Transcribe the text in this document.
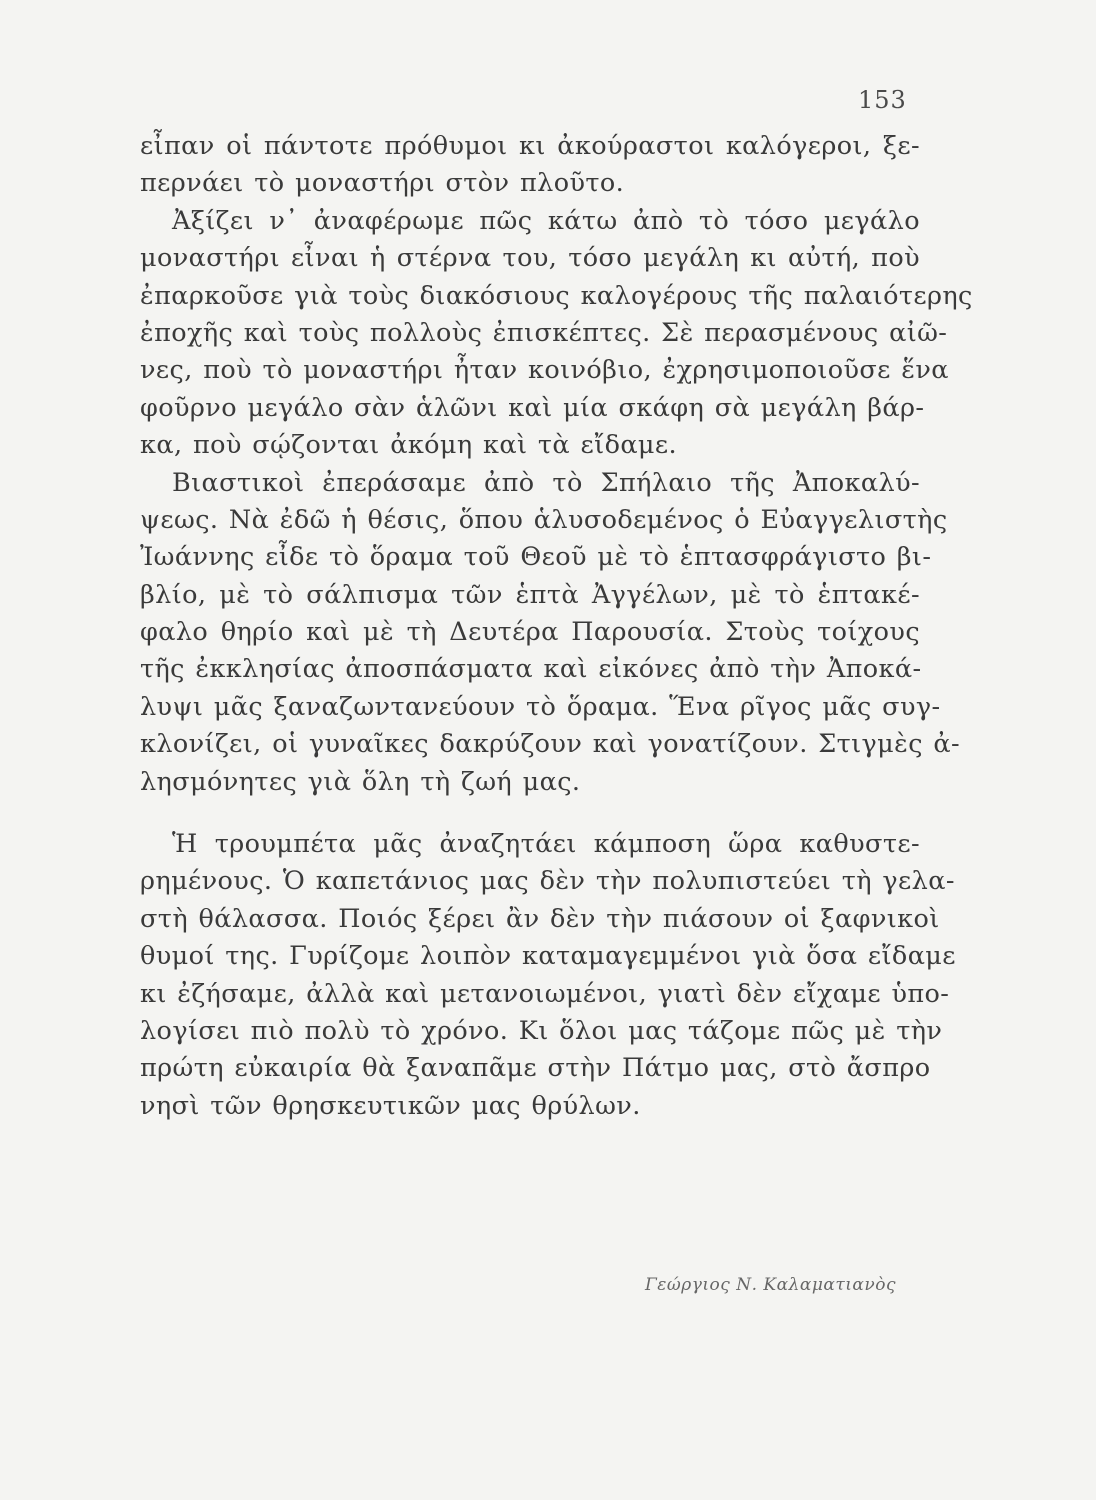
153
εἶπαν οἱ πάντοτε πρόθυμοι κι ἀκούραστοι καλόγεροι, ξε-
περνάει τὸ μοναστήρι στὸν πλοῦτο.
Ἀξίζει ν᾽ ἀναφέρωμε πῶς κάτω ἀπὸ τὸ τόσο μεγάλο
μοναστήρι εἶναι ἡ στέρνα του, τόσο μεγάλη κι αὐτή, ποὺ
ἐπαρκοῦσε γιὰ τοὺς διακόσιους καλογέρους τῆς παλαιότερης
ἐποχῆς καὶ τοὺς πολλοὺς ἐπισκέπτες. Σὲ περασμένους αἰῶ-
νες, ποὺ τὸ μοναστήρι ἦταν κοινόβιο, ἐχρησιμοποιοῦσε ἕνα
φοῦρνο μεγάλο σὰν ἁλῶνι καὶ μία σκάφη σὰ μεγάλη βάρ-
κα, ποὺ σῴζονται ἀκόμη καὶ τὰ εἴδαμε.
Βιαστικοὶ ἐπεράσαμε ἀπὸ τὸ Σπήλαιο τῆς Ἀποκαλύ-
ψεως. Νὰ ἐδῶ ἡ θέσις, ὅπου ἁλυσοδεμένος ὁ Εὐαγγελιστὴς
Ἰωάννης εἶδε τὸ ὅραμα τοῦ Θεοῦ μὲ τὸ ἑπτασφράγιστο βι-
βλίο, μὲ τὸ σάλπισμα τῶν ἑπτὰ Ἀγγέλων, μὲ τὸ ἑπτακέ-
φαλο θηρίο καὶ μὲ τὴ Δευτέρα Παρουσία. Στοὺς τοίχους
τῆς ἐκκλησίας ἀποσπάσματα καὶ εἰκόνες ἀπὸ τὴν Ἀποκά-
λυψι μᾶς ξαναζωντανεύουν τὸ ὅραμα. Ἕνα ρῖγος μᾶς συγ-
κλονίζει, οἱ γυναῖκες δακρύζουν καὶ γονατίζουν. Στιγμὲς ἀ-
λησμόνητες γιὰ ὅλη τὴ ζωή μας.
Ἡ τρουμπέτα μᾶς ἀναζητάει κάμποση ὥρα καθυστε-
ρημένους. Ὁ καπετάνιος μας δὲν τὴν πολυπιστεύει τὴ γελα-
στὴ θάλασσα. Ποιός ξέρει ἂν δὲν τὴν πιάσουν οἱ ξαφνικοὶ
θυμοί της. Γυρίζομε λοιπὸν καταμαγεμμένοι γιὰ ὅσα εἴδαμε
κι ἐζήσαμε, ἀλλὰ καὶ μετανοιωμένοι, γιατὶ δὲν εἴχαμε ὑπο-
λογίσει πιὸ πολὺ τὸ χρόνο. Κι ὅλοι μας τάζομε πῶς μὲ τὴν
πρώτη εὐκαιρία θὰ ξαναπᾶμε στὴν Πάτμο μας, στὸ ἄσπρο
νησὶ τῶν θρησκευτικῶν μας θρύλων.
Γεώργιος Ν. Καλαματιανὸς
